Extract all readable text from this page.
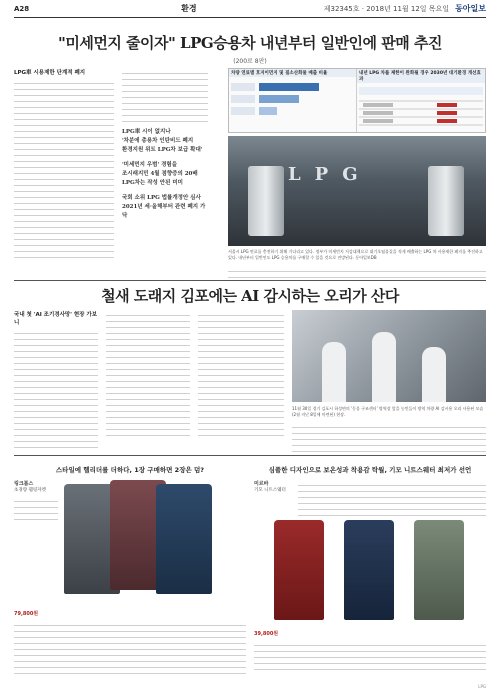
A28	환경	제32345호 · 2018년 11월 12일 목요일 동아일보
"미세먼지 줄이자" LPG승용차 내년부터 일반인에 판매 추진
(200료 8판)
LPG車 시용제한 단계적 폐지
LPG車 시이 없지나
'차분에 총용차 인탄비드 폐지
환경지원 위트 LPG차 보급 확대'
'미세먼지 우범' 경험을
조시래지민 4월 점향증의 20배
LPG차는 작성 안된 미미
국회 소위 LPG 법률개정안 심사
2021년 세·올해부터 관련 폐지 가닥
차량 연료별 호지이먼지 및 질소산화물 배출 비율	내년 LPG 차를 제한이 완화될 경우 2030년 대기환경 개선효과
LPG
서울시 LPG 연료를 충전하기 위해 기다리고 있다. 정부가 미세먼지 저감대책으로 대기오염물질을 적게 배출하는 LPG 차 사용제한 폐지를 추진하고 있다. 내년부터 일반인도 LPG 승용차를 구매할 수 있을 것으로 전망된다. 동아일보DB
철새 도래지 김포에는 AI 감시하는 오리가 산다
국내 첫 'AI 조기경사망' 현장 가보니
11월 30일 경기 김포시 하성면의 '동물 구조센터' 방역장 앞을 농민들이 방역 차량 AI 감시용 오리 사용된 모습(2월 지난 8일에 마련된) 현장.
스타일에 헬리더를 더하다, 1장 구매하면 2장은 덤?
링크봄스
초경량 웰링자켓
79,800원
심플한 디자인으로 보온성과 착용감 탁월, 기모 니트스웨터 최저가 선언
미르바
기모 니트스웨터
39,800원
LPG
